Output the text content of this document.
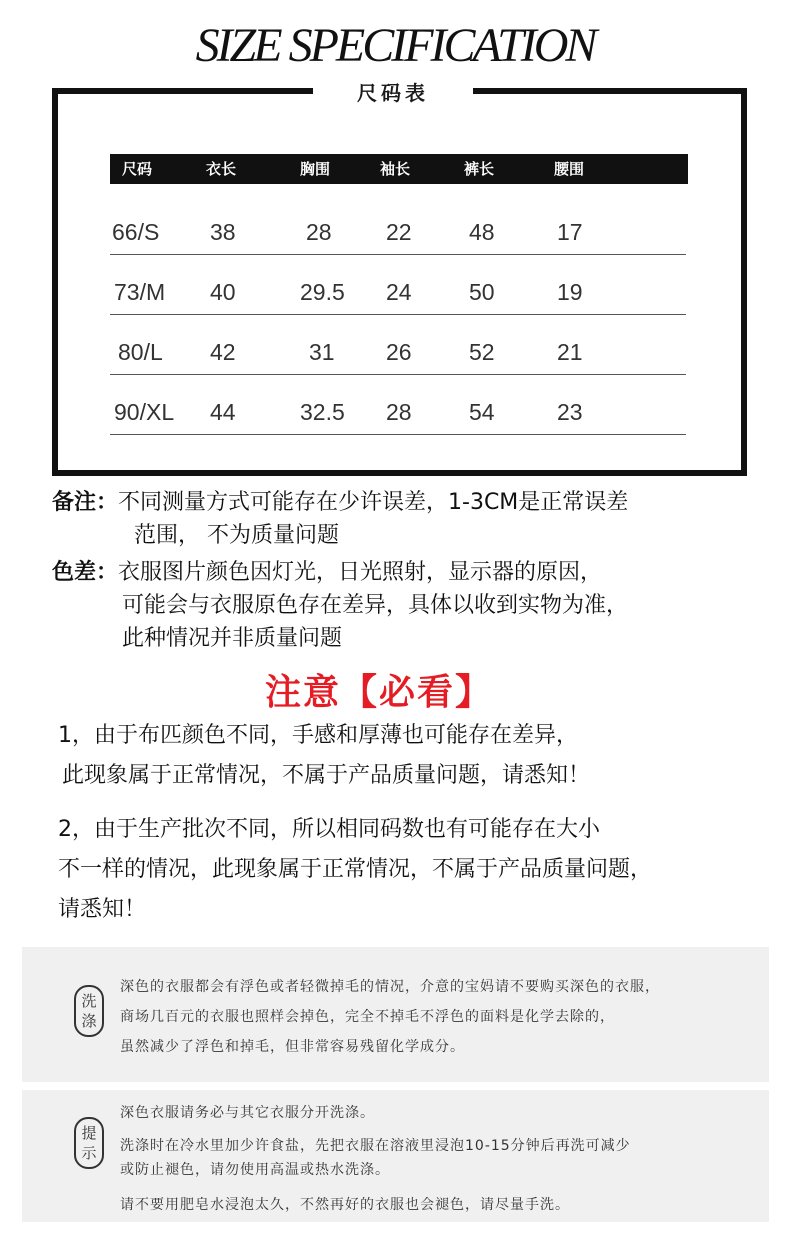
SIZE SPECIFICATION
尺码表
尺码	衣长	胸围	袖长	裤长	腰围
66/S 38	28 22 48	17
73/M 40	29.5 24 50	19
80/L 42	31 26 52	21
90/XL 44	32.5 28 54	23
备注：不同测量方式可能存在少许误差，1-3CM是正常误差
范围， 不为质量问题
色差：衣服图片颜色因灯光，日光照射，显示器的原因，
可能会与衣服原色存在差异，具体以收到实物为准，
此种情况并非质量问题
注意【必看】
1，由于布匹颜色不同，手感和厚薄也可能存在差异，
此现象属于正常情况，不属于产品质量问题，请悉知！
2，由于生产批次不同，所以相同码数也有可能存在大小
不一样的情况，此现象属于正常情况，不属于产品质量问题，
请悉知！
洗
涤
深色的衣服都会有浮色或者轻微掉毛的情况，介意的宝妈请不要购买深色的衣服，
商场几百元的衣服也照样会掉色，完全不掉毛不浮色的面料是化学去除的，
虽然减少了浮色和掉毛，但非常容易残留化学成分。
提
示
深色衣服请务必与其它衣服分开洗涤。
洗涤时在冷水里加少许食盐，先把衣服在溶液里浸泡10-15分钟后再洗可减少
或防止褪色，请勿使用高温或热水洗涤。
请不要用肥皂水浸泡太久，不然再好的衣服也会褪色，请尽量手洗。
